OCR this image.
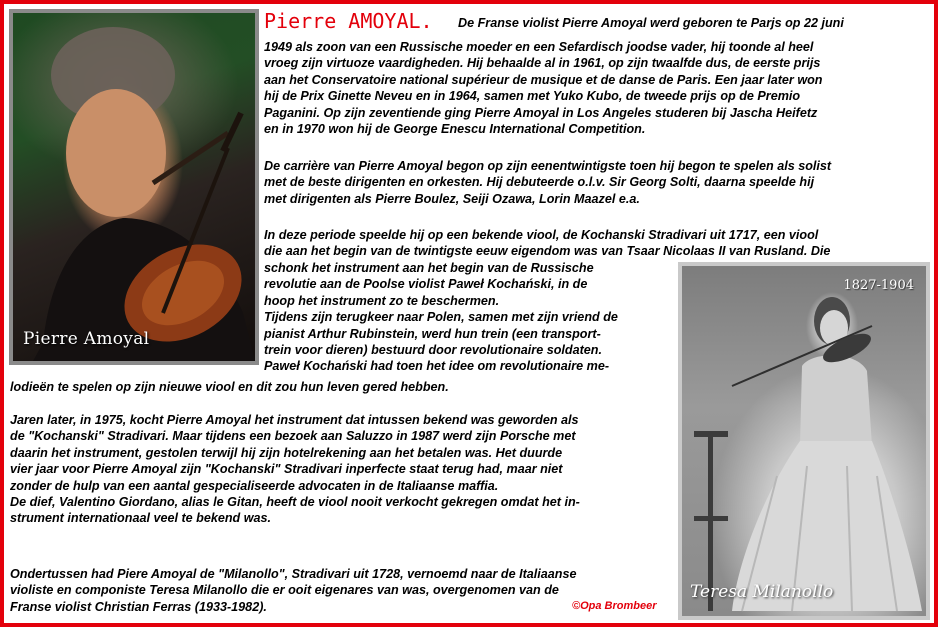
Pierre Amoyal
1827-1904
Teresa Milanollo

Pierre AMOYAL. De Franse violist Pierre Amoyal werd geboren te Parjs op 22 juni

1949 als zoon van een Russische moeder en een Sefardisch joodse vader, hij toonde al heel
vroeg zijn virtuoze vaardigheden. Hij behaalde al in 1961, op zijn twaalfde dus, de eerste prijs
aan het Conservatoire national supérieur de musique et de danse de Paris. Een jaar later won
hij de Prix Ginette Neveu en in 1964, samen met Yuko Kubo, de tweede prijs op de Premio
Paganini. Op zijn zeventiende ging Pierre Amoyal in Los Angeles studeren bij Jascha Heifetz
en in 1970 won hij de George Enescu International Competition.
De carrière van Pierre Amoyal begon op zijn eenentwintigste toen hij begon te spelen als solist
met de beste dirigenten en orkesten. Hij debuteerde o.l.v. Sir Georg Solti, daarna speelde hij
met dirigenten als Pierre Boulez, Seiji Ozawa, Lorin Maazel e.a.
In deze periode speelde hij op een bekende viool, de Kochanski Stradivari uit 1717, een viool
die aan het begin van de twintigste eeuw eigendom was van Tsaar Nicolaas II van Rusland. Die
schonk het instrument aan het begin van de Russische
revolutie aan de Poolse violist Paweł Kochański, in de
hoop het instrument zo te beschermen.
Tijdens zijn terugkeer naar Polen, samen met zijn vriend de
pianist Arthur Rubinstein, werd hun trein (een transport-
trein voor dieren) bestuurd door revolutionaire soldaten.
Paweł Kochański had toen het idee om revolutionaire me-

lodieën te spelen op zijn nieuwe viool en dit zou hun leven gered hebben.

Jaren later, in 1975, kocht Pierre Amoyal het instrument dat intussen bekend was geworden als
de "Kochanski" Stradivari. Maar tijdens een bezoek aan Saluzzo in 1987 werd zijn Porsche met
daarin het instrument, gestolen terwijl hij zijn hotelrekening aan het betalen was. Het duurde
vier jaar voor Pierre Amoyal zijn "Kochanski" Stradivari inperfecte staat terug had, maar niet
zonder de hulp van een aantal gespecialiseerde advocaten in de Italiaanse maffia.
De dief, Valentino Giordano, alias le Gitan, heeft de viool nooit verkocht gekregen omdat het in-
strument internationaal veel te bekend was.
Ondertussen had Piere Amoyal de "Milanollo", Stradivari uit 1728, vernoemd naar de Italiaanse
violiste en componiste Teresa Milanollo die er ooit eigenares van was, overgenomen van de
Franse violist Christian Ferras (1933-1982).	©Opa Brombeer
